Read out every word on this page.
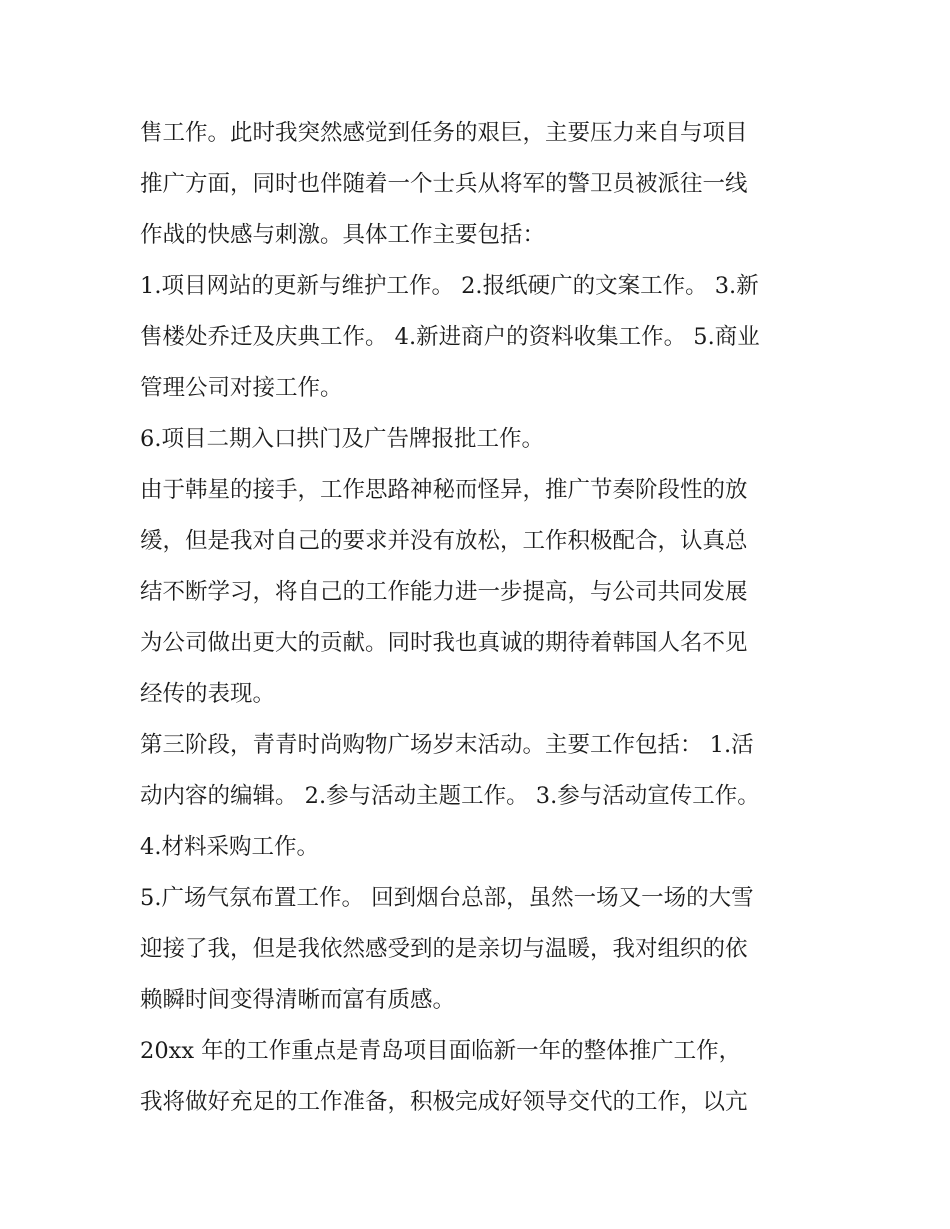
售工作。此时我突然感觉到任务的艰巨，主要压力来自与项目
推广方面，同时也伴随着一个士兵从将军的警卫员被派往一线
作战的快感与刺激。具体工作主要包括：
1.项目网站的更新与维护工作。 2.报纸硬广的文案工作。 3.新
售楼处乔迁及庆典工作。 4.新进商户的资料收集工作。 5.商业
管理公司对接工作。
6.项目二期入口拱门及广告牌报批工作。
由于韩星的接手，工作思路神秘而怪异，推广节奏阶段性的放
缓，但是我对自己的要求并没有放松，工作积极配合，认真总
结不断学习，将自己的工作能力进一步提高，与公司共同发展
为公司做出更大的贡献。同时我也真诚的期待着韩国人名不见
经传的表现。
第三阶段，青青时尚购物广场岁末活动。主要工作包括： 1.活
动内容的编辑。 2.参与活动主题工作。 3.参与活动宣传工作。
4.材料采购工作。
5.广场气氛布置工作。 回到烟台总部，虽然一场又一场的大雪
迎接了我，但是我依然感受到的是亲切与温暖，我对组织的依
赖瞬时间变得清晰而富有质感。
20xx 年的工作重点是青岛项目面临新一年的整体推广工作，
我将做好充足的工作准备，积极完成好领导交代的工作，以亢
